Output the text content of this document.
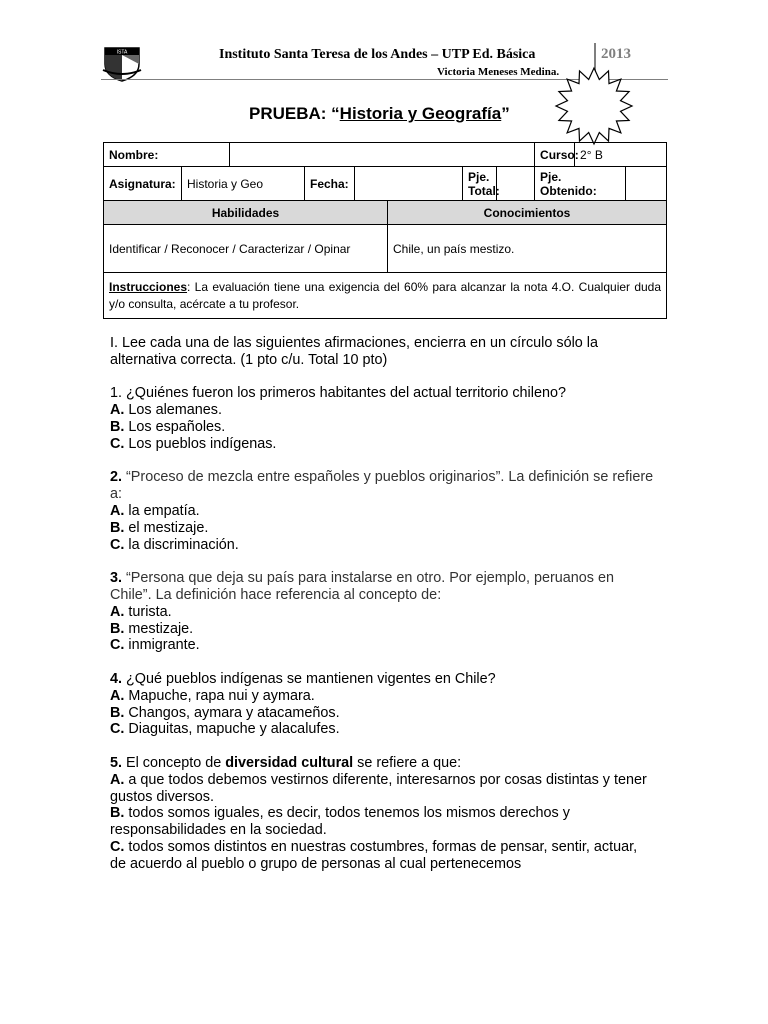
ISTA	Instituto Santa Teresa de los Andes – UTP Ed. Básica
Victoria Meneses Medina.
2013
PRUEBA: “Historia y Geografía”
Nombre:								Curso:	2° B	
Asignatura:	Historia y Geo		Fecha:			Pje. Total:		Pje. Obtenido:		
Habilidades					Conocimientos					
Identificar / Reconocer / Caracterizar / Opinar					Chile, un país mestizo.					
Instrucciones: La evaluación tiene una exigencia del 60% para alcanzar la nota 4.O. Cualquier duda y/o consulta, acércate a tu profesor.										

I. Lee cada una de las siguientes afirmaciones, encierra en un círculo sólo la alternativa correcta. (1 pto c/u. Total 10 pto)

1. ¿Quiénes fueron los primeros habitantes del actual territorio chileno?

A. Los alemanes.

B. Los españoles.

C. Los pueblos indígenas.

2. “Proceso de mezcla entre españoles y pueblos originarios”. La definición se refiere a:

A. la empatía.

B. el mestizaje.

C. la discriminación.

3. “Persona que deja su país para instalarse en otro. Por ejemplo, peruanos en Chile”. La definición hace referencia al concepto de:

A. turista.

B. mestizaje.

C. inmigrante.

4. ¿Qué pueblos indígenas se mantienen vigentes en Chile?

A. Mapuche, rapa nui y aymara.

B. Changos, aymara y atacameños.

C. Diaguitas, mapuche y alacalufes.

5. El concepto de diversidad cultural se refiere a que:

A. a que todos debemos vestirnos diferente, interesarnos por cosas distintas y tener gustos diversos.

B. todos somos iguales, es decir, todos tenemos los mismos derechos y responsabilidades en la sociedad.

C. todos somos distintos en nuestras costumbres, formas de pensar, sentir, actuar, de acuerdo al pueblo o grupo de personas al cual pertenecemos
